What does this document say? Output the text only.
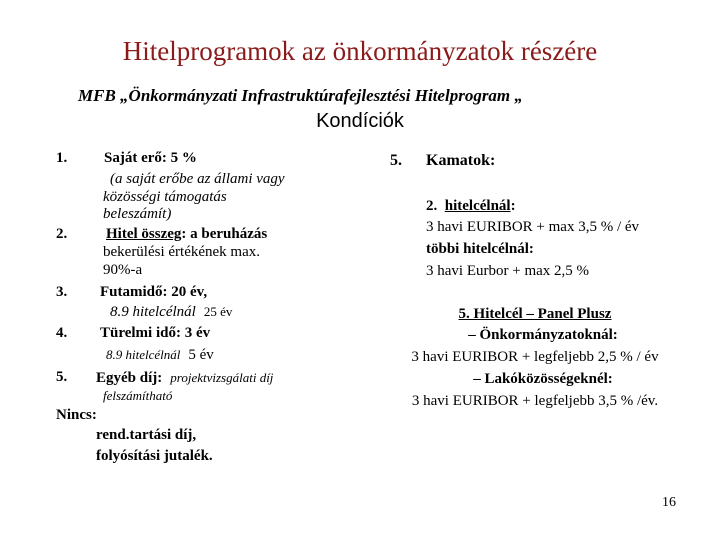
Hitelprogramok az önkormányzatok részére
MFB „Önkormányzati Infrastruktúrafejlesztési Hitelprogram „
Kondíciók
1. Saját erő: 5 %
(a saját erőbe az állami vagy
közösségi támogatás
beleszámít)
2.	Hitel összeg: a beruházás
bekerülési értékének max.
90%-a
3. Futamidő: 20 év,
8.9 hitelcélnál 25 év
4. Türelmi idő: 3 év
8.9 hitelcélnál 5 év
5. Egyéb díj: projektvizsgálati díj
felszámítható
Nincs:
rend.tartási díj,
folyósítási jutalék.
5. Kamatok:
2. hitelcélnál:
3 havi EURIBOR + max 3,5 % / év
többi hitelcélnál:
3 havi Eurbor + max 2,5 %
5. Hitelcél – Panel Plusz
– Önkormányzatoknál:
3 havi EURIBOR + legfeljebb 2,5 % / év
– Lakóközösségeknél:
3 havi EURIBOR + legfeljebb 3,5 % /év.
16
